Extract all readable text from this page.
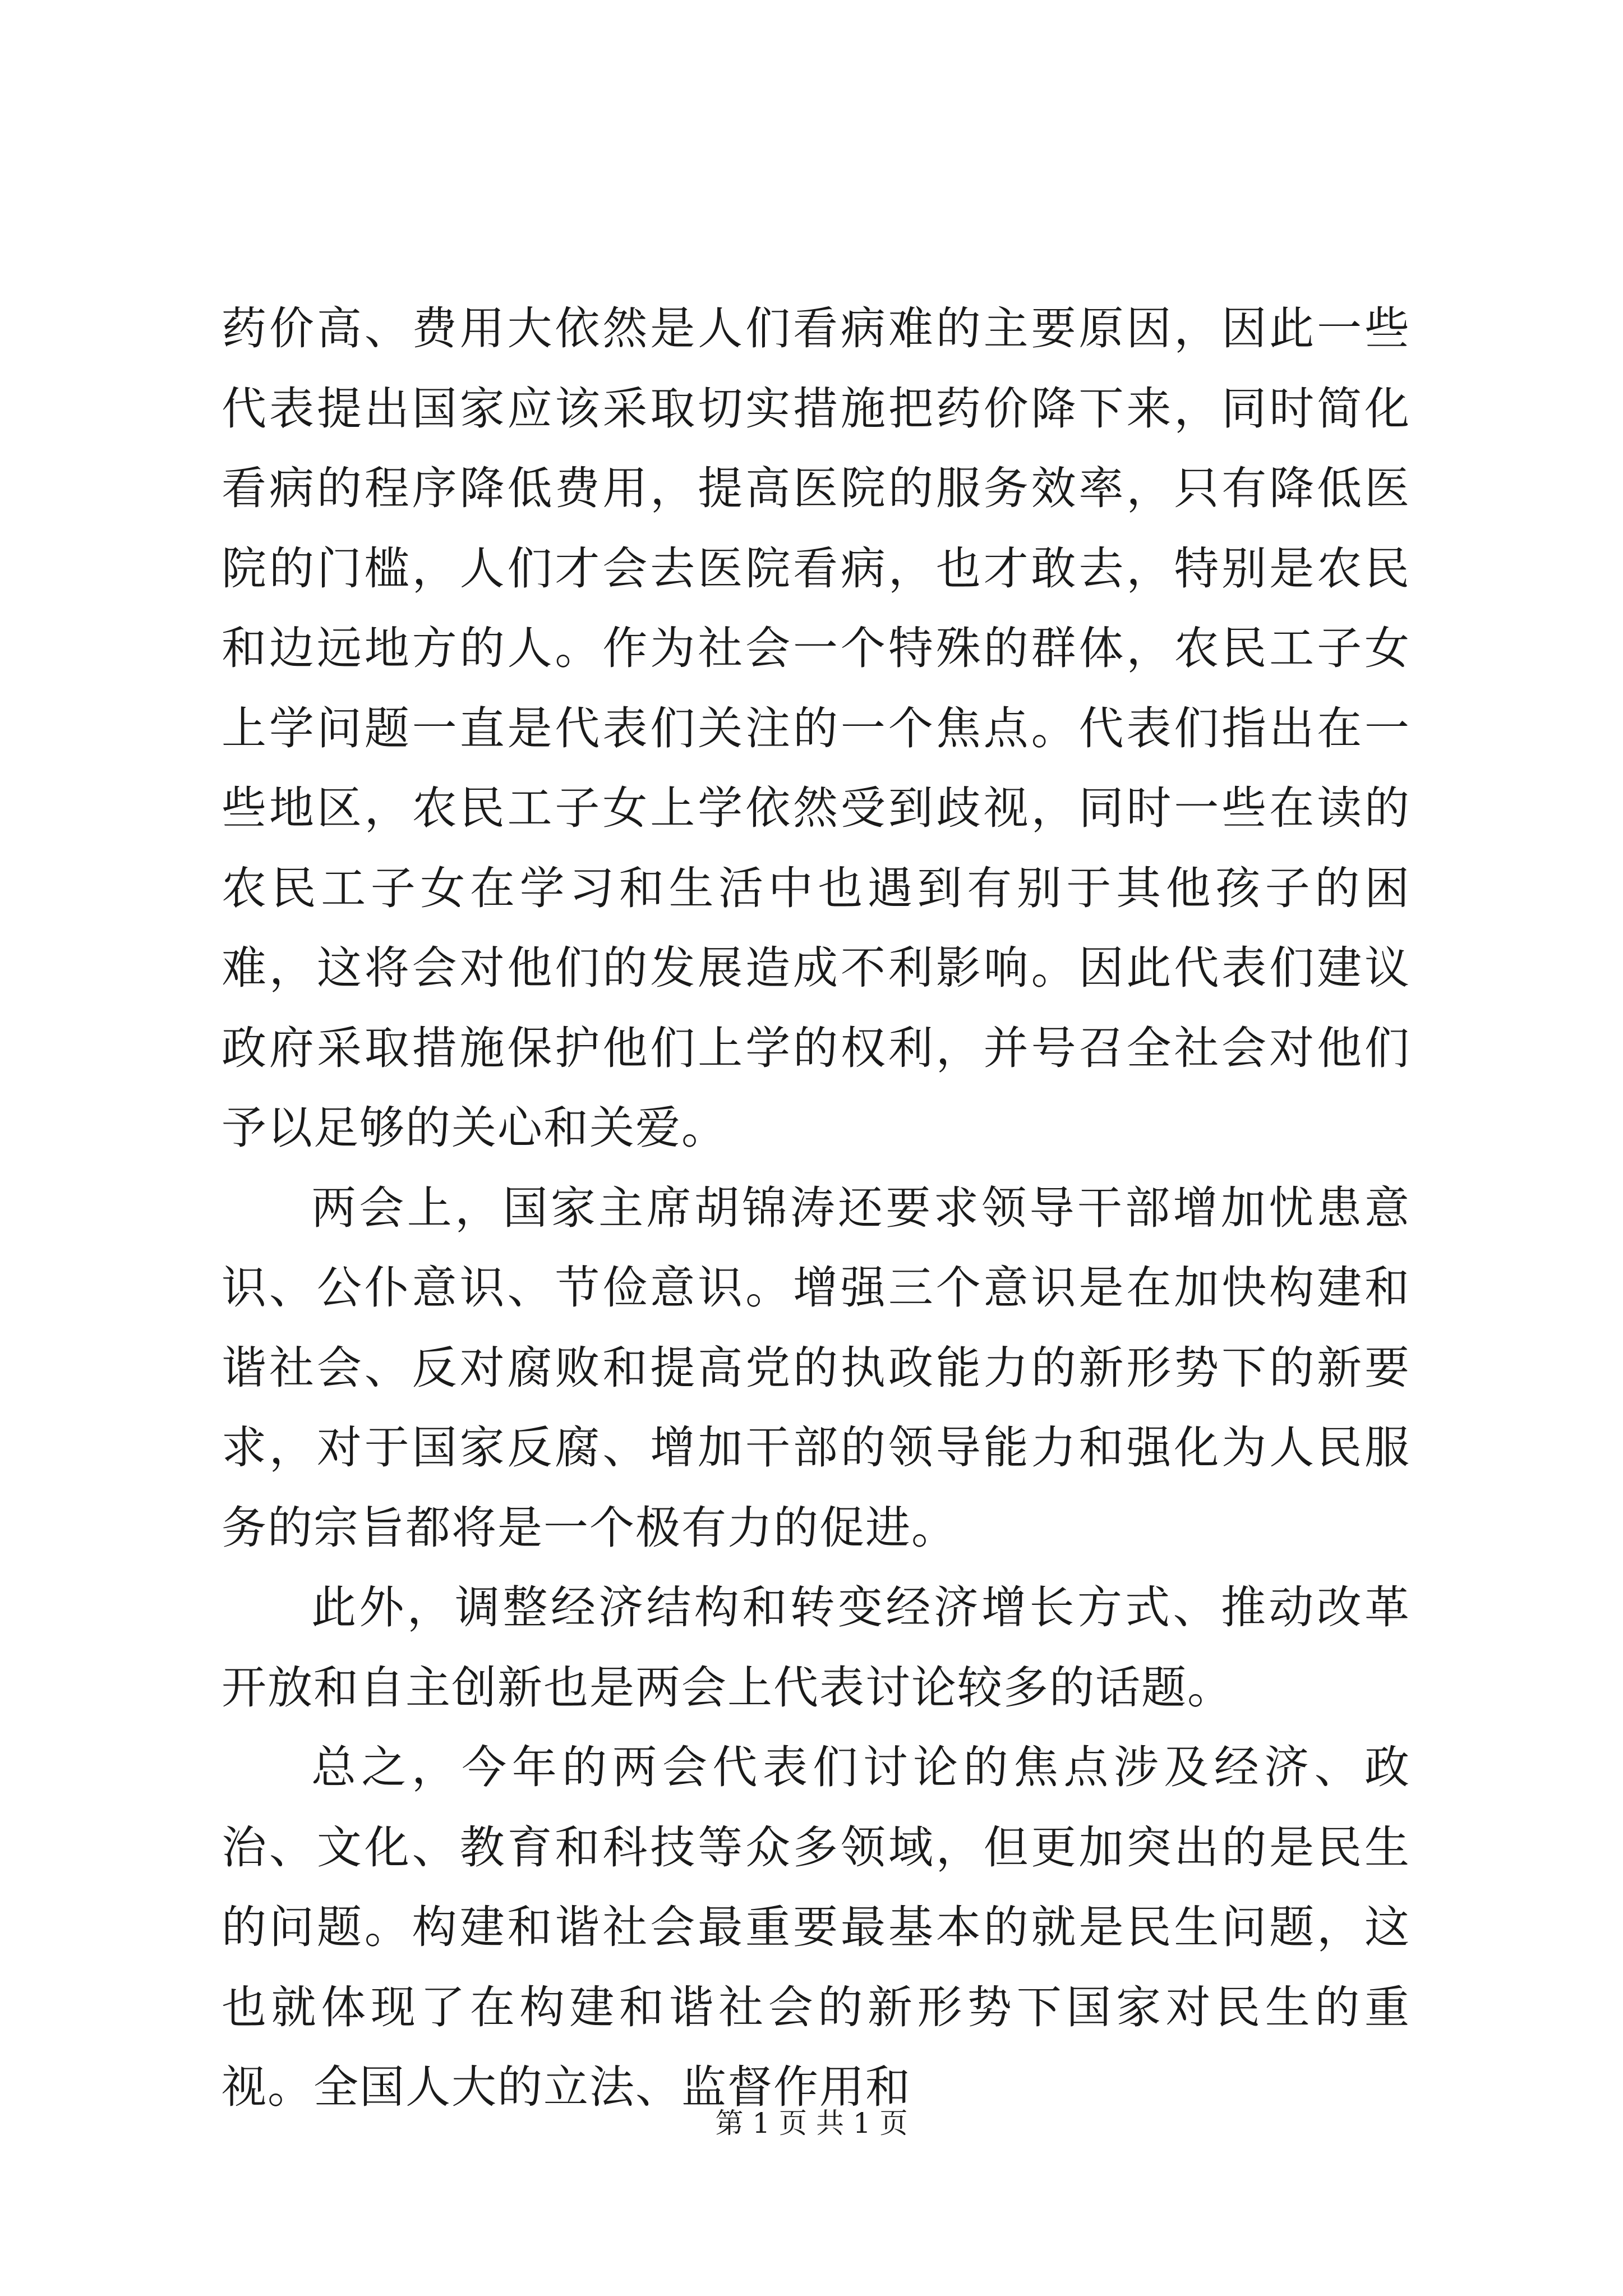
药价高、费用大依然是人们看病难的主要原因，因此一些代表提出国家应该采取切实措施把药价降下来，同时简化看病的程序降低费用，提高医院的服务效率，只有降低医院的门槛，人们才会去医院看病，也才敢去，特别是农民和边远地方的人。作为社会一个特殊的群体，农民工子女上学问题一直是代表们关注的一个焦点。代表们指出在一些地区，农民工子女上学依然受到歧视，同时一些在读的农民工子女在学习和生活中也遇到有别于其他孩子的困难，这将会对他们的发展造成不利影响。因此代表们建议政府采取措施保护他们上学的权利，并号召全社会对他们予以足够的关心和关爱。

两会上，国家主席胡锦涛还要求领导干部增加忧患意识、公仆意识、节俭意识。增强三个意识是在加快构建和谐社会、反对腐败和提高党的执政能力的新形势下的新要求，对于国家反腐、增加干部的领导能力和强化为人民服务的宗旨都将是一个极有力的促进。

此外，调整经济结构和转变经济增长方式、推动改革开放和自主创新也是两会上代表讨论较多的话题。

总之，今年的两会代表们讨论的焦点涉及经济、政治、文化、教育和科技等众多领域，但更加突出的是民生的问题。构建和谐社会最重要最基本的就是民生问题，这也就体现了在构建和谐社会的新形势下国家对民生的重视。全国人大的立法、监督作用和

第 1 页 共 1 页
